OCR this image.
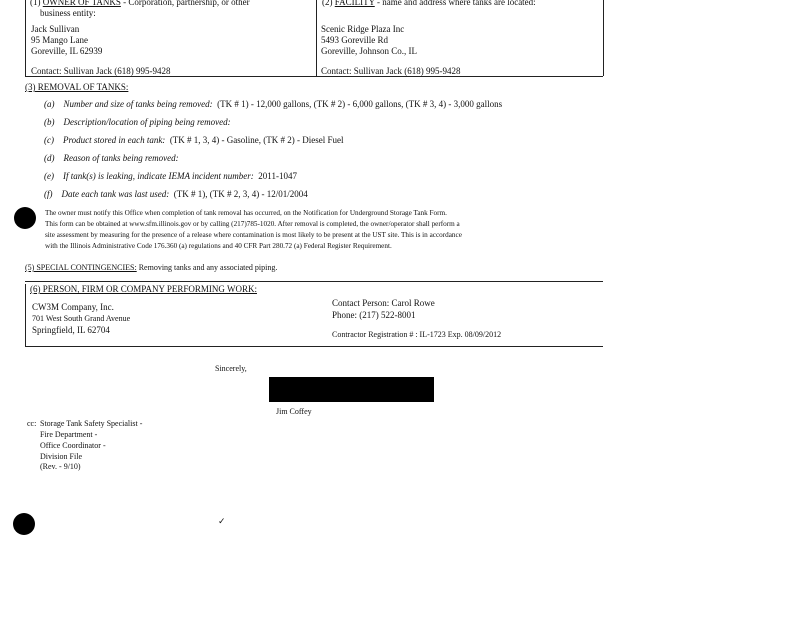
(1) OWNER OF TANKS - Corporation, partnership, or other
business entity:
Jack Sullivan
95 Mango Lane
Goreville, IL 62939
Contact: Sullivan Jack (618) 995-9428
(2) FACILITY - name and address where tanks are located:
Scenic Ridge Plaza Inc
5493 Goreville Rd
Goreville, Johnson Co., IL
Contact: Sullivan Jack (618) 995-9428
(3) REMOVAL OF TANKS:
(a) Number and size of tanks being removed: (TK # 1) - 12,000 gallons, (TK # 2) - 6,000 gallons, (TK # 3, 4) - 3,000 gallons
(b) Description/location of piping being removed:
(c) Product stored in each tank: (TK # 1, 3, 4) - Gasoline, (TK # 2) - Diesel Fuel
(d) Reason of tanks being removed:
(e) If tank(s) is leaking, indicate IEMA incident number: 2011-1047
(f) Date each tank was last used: (TK # 1), (TK # 2, 3, 4) - 12/01/2004
The owner must notify this Office when completion of tank removal has occurred, on the Notification for Underground Storage Tank Form.
This form can be obtained at www.sfm.illinois.gov or by calling (217)785-1020. After removal is completed, the owner/operator shall perform a
site assessment by measuring for the presence of a release where contamination is most likely to be present at the UST site. This is in accordance
with the Illinois Administrative Code 176.360 (a) regulations and 40 CFR Part 280.72 (a) Federal Register Requirement.
(5) SPECIAL CONTINGENCIES: Removing tanks and any associated piping.
(6) PERSON, FIRM OR COMPANY PERFORMING WORK:
CW3M Company, Inc.
701 West South Grand Avenue
Springfield, IL 62704
Contact Person: Carol Rowe
Phone: (217) 522-8001
Contractor Registration # : IL-1723 Exp. 08/09/2012
Sincerely,
Jim Coffey
cc: Storage Tank Safety Specialist -
Fire Department -
Office Coordinator -
Division File
(Rev. - 9/10)
✓
